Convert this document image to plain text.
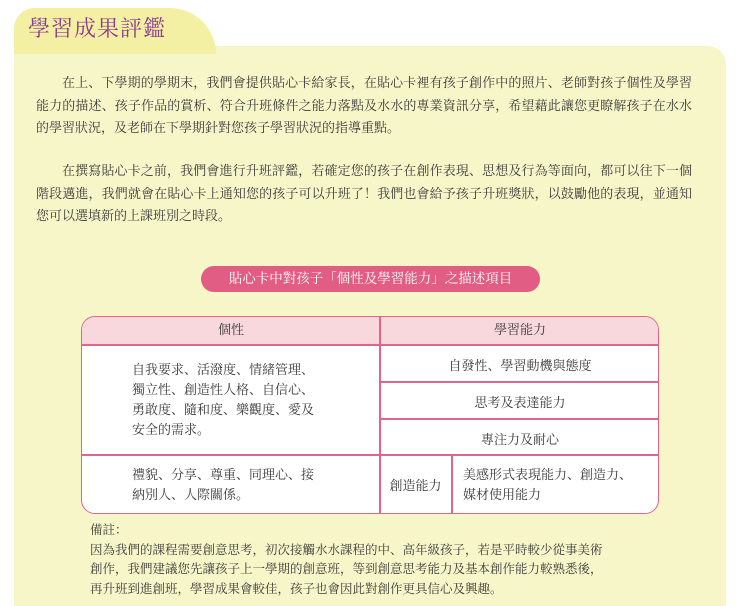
學習成果評鑑

在上、下學期的學期末，我們會提供貼心卡給家長，在貼心卡裡有孩子創作中的照片、老師對孩子個性及學習能力的描述、孩子作品的賞析、符合升班條件之能力落點及水水的專業資訊分享，希望藉此讓您更瞭解孩子在水水的學習狀況，及老師在下學期針對您孩子學習狀況的指導重點。

在撰寫貼心卡之前，我們會進行升班評鑑，若確定您的孩子在創作表現、思想及行為等面向，都可以往下一個階段邁進，我們就會在貼心卡上通知您的孩子可以升班了！我們也會給予孩子升班獎狀，以鼓勵他的表現，並通知您可以選填新的上課班別之時段。

貼心卡中對孩子「個性及學習能力」之描述項目
個性	學習能力
自我要求、活潑度、情緒管理、
獨立性、創造性人格、自信心、
勇敢度、隨和度、樂觀度、愛及
安全的需求。
自發性、學習動機與態度
思考及表達能力
專注力及耐心
禮貌、分享、尊重、同理心、接
納別人、人際關係。
創造能力
美感形式表現能力、創造力、
媒材使用能力
備註：
因為我們的課程需要創意思考，初次接觸水水課程的中、高年級孩子，若是平時較少從事美術
創作，我們建議您先讓孩子上一學期的創意班，等到創意思考能力及基本創作能力較熟悉後，
再升班到進創班，學習成果會較佳，孩子也會因此對創作更具信心及興趣。
